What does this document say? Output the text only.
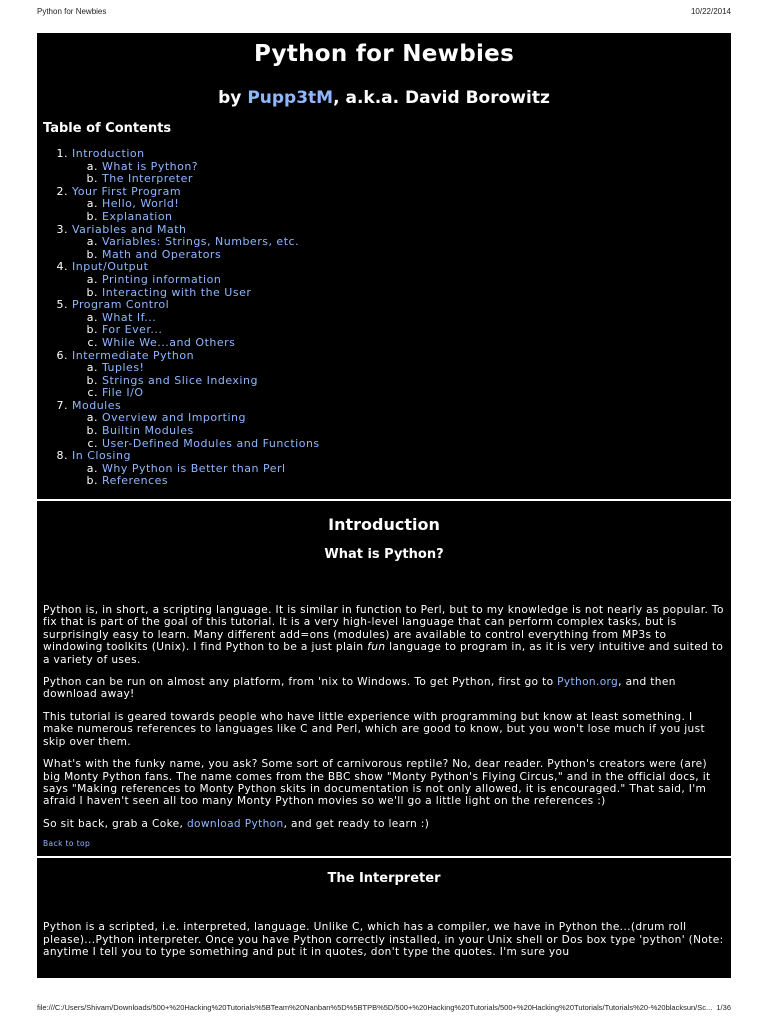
Python for Newbies	10/22/2014
Python for Newbies
by Pupp3tM, a.k.a. David Borowitz
Table of Contents
1. Introduction
a. What is Python?
b. The Interpreter
2. Your First Program
a. Hello, World!
b. Explanation
3. Variables and Math
a. Variables: Strings, Numbers, etc.
b. Math and Operators
4. Input/Output
a. Printing information
b. Interacting with the User
5. Program Control
a. What If...
b. For Ever...
c. While We...and Others
6. Intermediate Python
a. Tuples!
b. Strings and Slice Indexing
c. File I/O
7. Modules
a. Overview and Importing
b. Builtin Modules
c. User-Defined Modules and Functions
8. In Closing
a. Why Python is Better than Perl
b. References
Introduction
What is Python?

Python is, in short, a scripting language. It is similar in function to Perl, but to my knowledge is not nearly as popular. To fix that is part of the goal of this tutorial. It is a very high-level language that can perform complex tasks, but is surprisingly easy to learn. Many different add=ons (modules) are available to control everything from MP3s to windowing toolkits (Unix). I find Python to be a just plain fun language to program in, as it is very intuitive and suited to a variety of uses.

Python can be run on almost any platform, from 'nix to Windows. To get Python, first go to Python.org, and then download away!

This tutorial is geared towards people who have little experience with programming but know at least something. I make numerous references to languages like C and Perl, which are good to know, but you won't lose much if you just skip over them.

What's with the funky name, you ask? Some sort of carnivorous reptile? No, dear reader. Python's creators were (are) big Monty Python fans. The name comes from the BBC show "Monty Python's Flying Circus," and in the official docs, it says "Making references to Monty Python skits in documentation is not only allowed, it is encouraged." That said, I'm afraid I haven't seen all too many Monty Python movies so we'll go a little light on the references :)

So sit back, grab a Coke, download Python, and get ready to learn :)

Back to top

The Interpreter

Python is a scripted, i.e. interpreted, language. Unlike C, which has a compiler, we have in Python the...(drum roll please)...Python interpreter. Once you have Python correctly installed, in your Unix shell or Dos box type 'python' (Note: anytime I tell you to type something and put it in quotes, don't type the quotes. I'm sure you

file:///C:/Users/Shivam/Downloads/500+%20Hacking%20Tutorials%5BTeam%20Nanban%5D%5BTPB%5D/500+%20Hacking%20Tutorials/500+%20Hacking%20Tutorials/Tutorials%20-%20blacksun/Sc... 1/36
